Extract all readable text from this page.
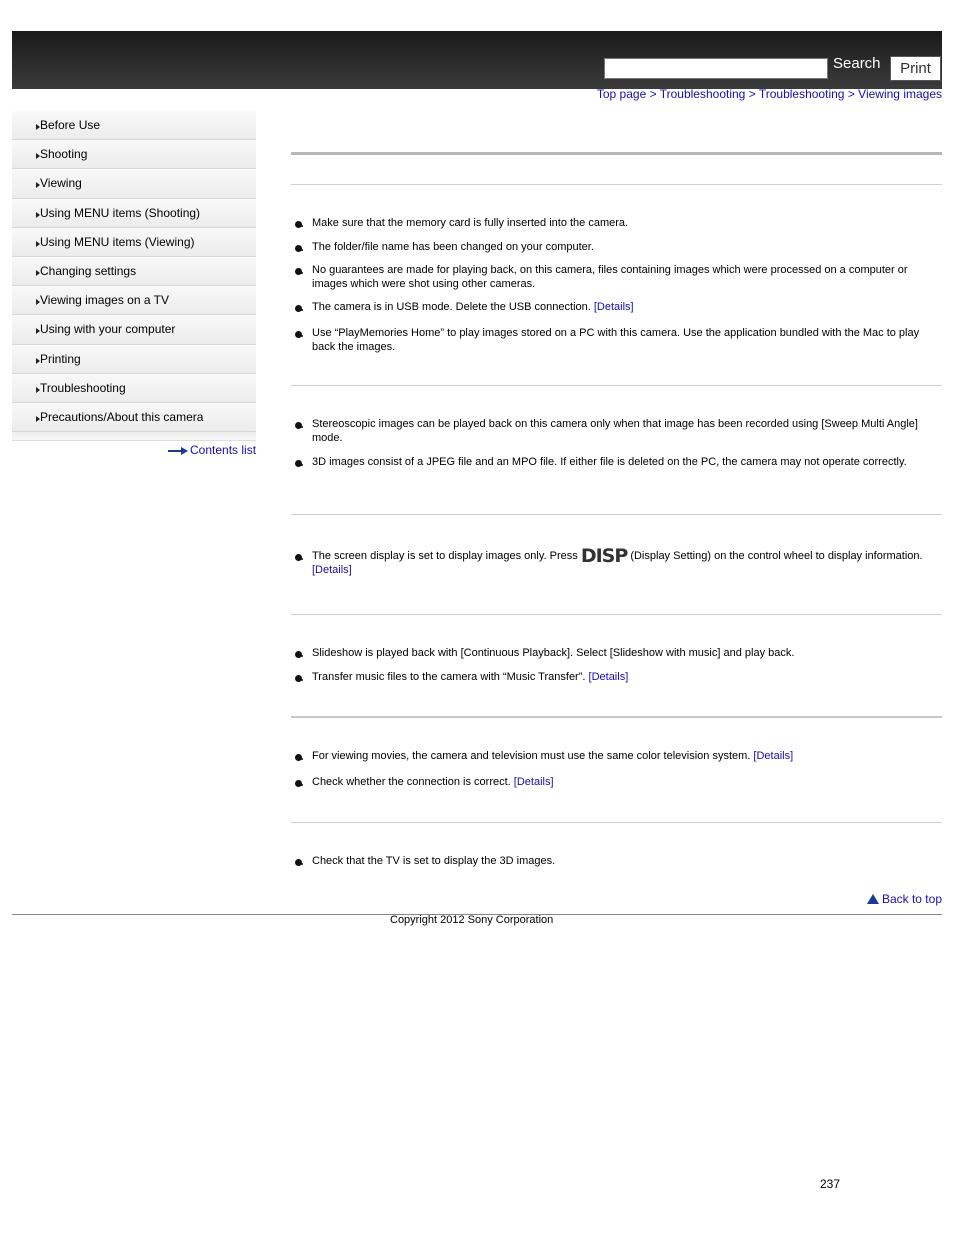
Search	Print
Top page > Troubleshooting > Troubleshooting > Viewing images
Before Use
Shooting
Viewing
Using MENU items (Shooting)
Using MENU items (Viewing)
Changing settings
Viewing images on a TV
Using with your computer
Printing
Troubleshooting
Precautions/About this camera
Contents list
Make sure that the memory card is fully inserted into the camera.
The folder/file name has been changed on your computer.
No guarantees are made for playing back, on this camera, files containing images which were processed on a computer or images which were shot using other cameras.
The camera is in USB mode. Delete the USB connection. [Details]
Use “PlayMemories Home” to play images stored on a PC with this camera. Use the application bundled with the Mac to play back the images.
Stereoscopic images can be played back on this camera only when that image has been recorded using [Sweep Multi Angle] mode.
3D images consist of a JPEG file and an MPO file. If either file is deleted on the PC, the camera may not operate correctly.
The screen display is set to display images only. Press DISP (Display Setting) on the control wheel to display information. [Details]
Slideshow is played back with [Continuous Playback]. Select [Slideshow with music] and play back.
Transfer music files to the camera with “Music Transfer”. [Details]
For viewing movies, the camera and television must use the same color television system. [Details]
Check whether the connection is correct. [Details]
Check that the TV is set to display the 3D images.
Back to top
Copyright 2012 Sony Corporation
237
